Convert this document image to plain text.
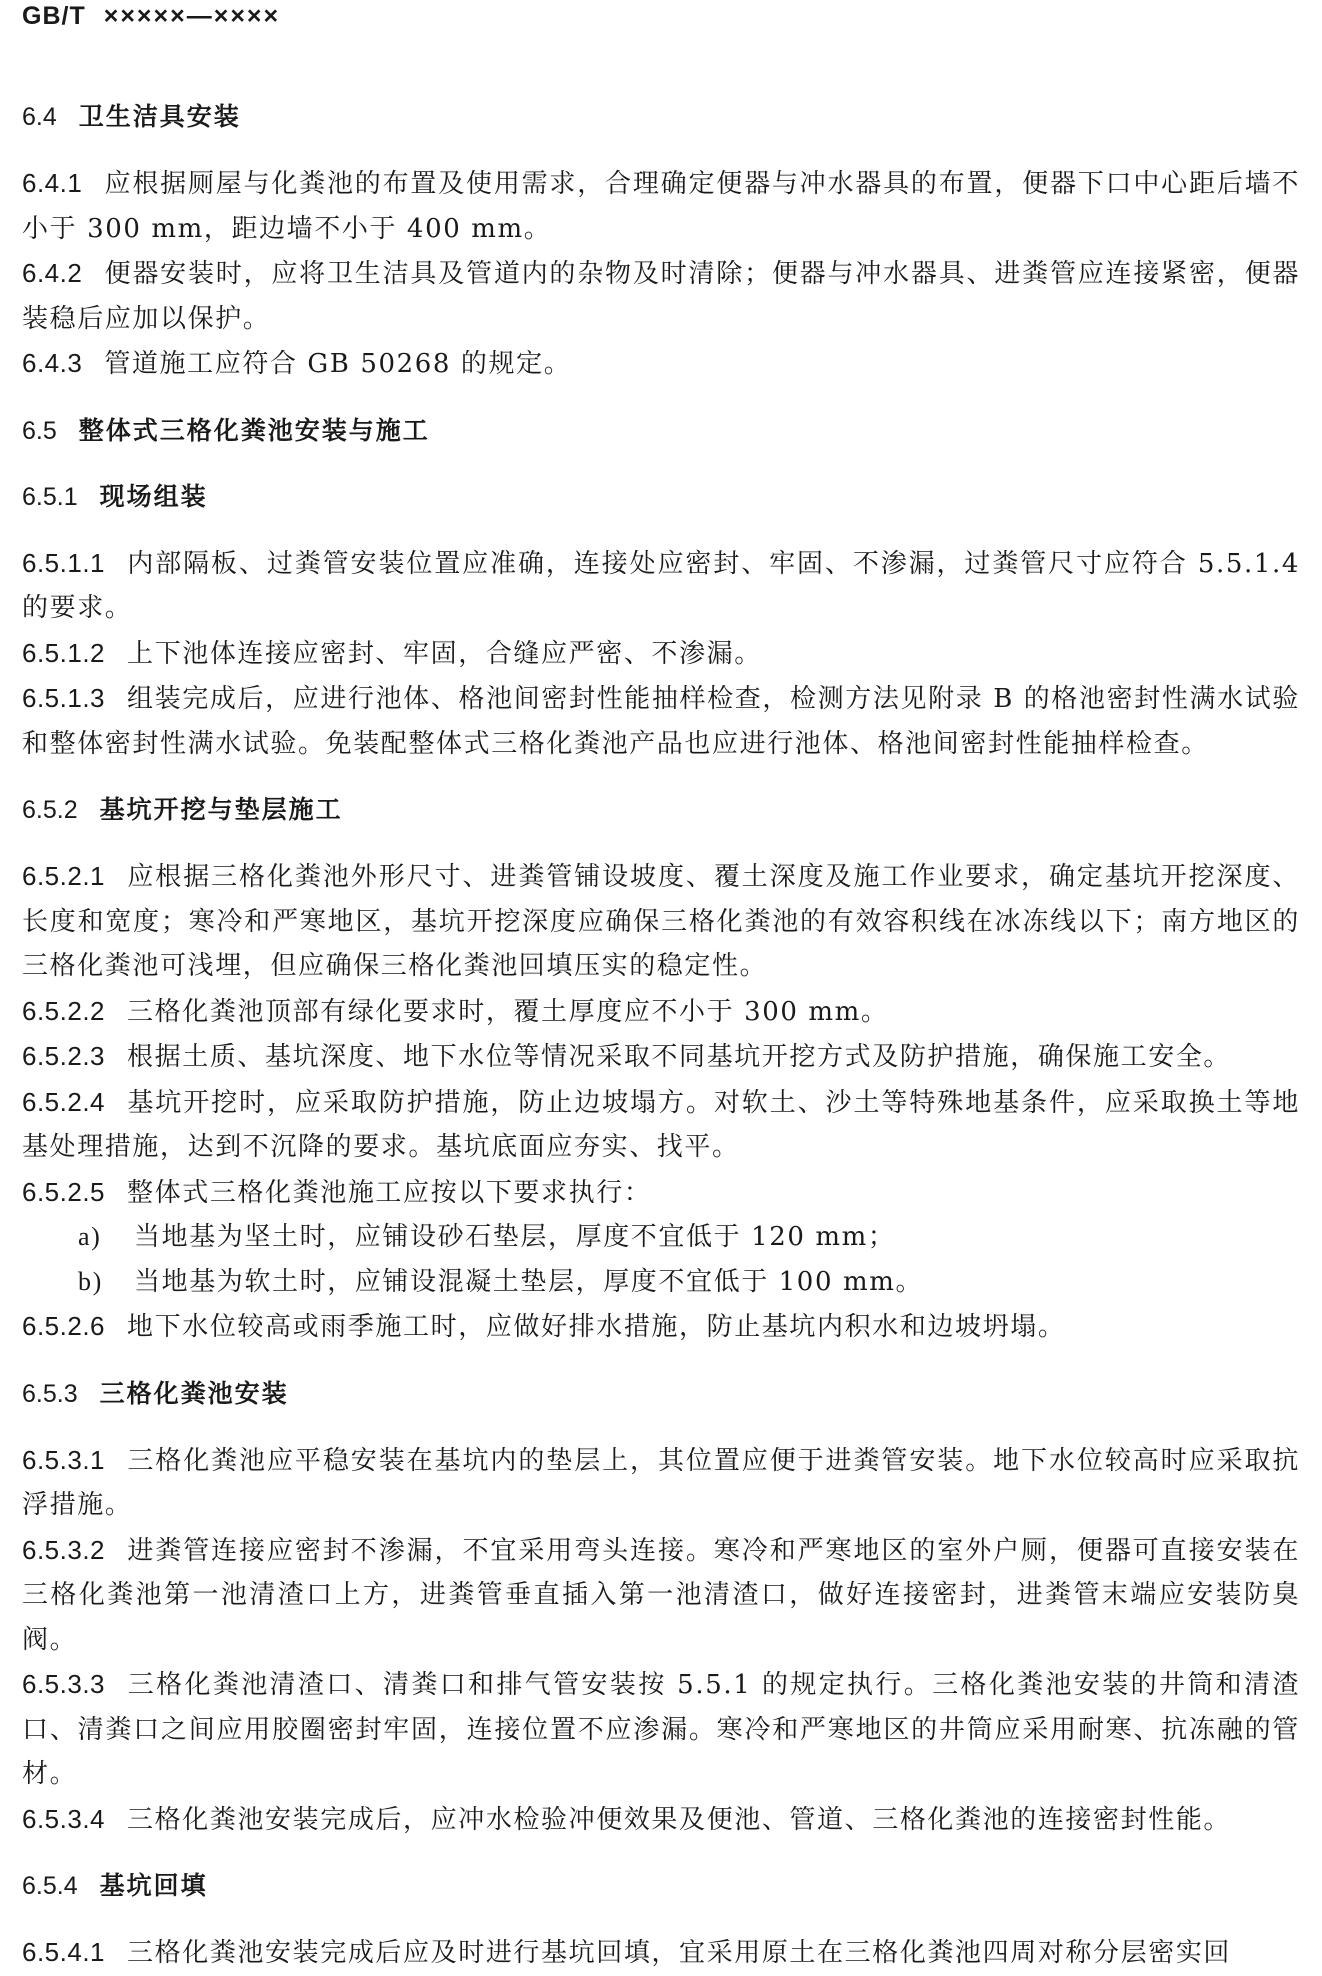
GB/T ×××××—××××
6.4 卫生洁具安装
6.4.1 应根据厕屋与化粪池的布置及使用需求，合理确定便器与冲水器具的布置，便器下口中心距后墙不小于 300 mm，距边墙不小于 400 mm。
6.4.2 便器安装时，应将卫生洁具及管道内的杂物及时清除；便器与冲水器具、进粪管应连接紧密，便器装稳后应加以保护。
6.4.3 管道施工应符合 GB 50268 的规定。
6.5 整体式三格化粪池安装与施工
6.5.1 现场组装
6.5.1.1 内部隔板、过粪管安装位置应准确，连接处应密封、牢固、不渗漏，过粪管尺寸应符合 5.5.1.4 的要求。
6.5.1.2 上下池体连接应密封、牢固，合缝应严密、不渗漏。
6.5.1.3 组装完成后，应进行池体、格池间密封性能抽样检查，检测方法见附录 B 的格池密封性满水试验和整体密封性满水试验。免装配整体式三格化粪池产品也应进行池体、格池间密封性能抽样检查。
6.5.2 基坑开挖与垫层施工
6.5.2.1 应根据三格化粪池外形尺寸、进粪管铺设坡度、覆土深度及施工作业要求，确定基坑开挖深度、长度和宽度；寒冷和严寒地区，基坑开挖深度应确保三格化粪池的有效容积线在冰冻线以下；南方地区的三格化粪池可浅埋，但应确保三格化粪池回填压实的稳定性。
6.5.2.2 三格化粪池顶部有绿化要求时，覆土厚度应不小于 300 mm。
6.5.2.3 根据土质、基坑深度、地下水位等情况采取不同基坑开挖方式及防护措施，确保施工安全。
6.5.2.4 基坑开挖时，应采取防护措施，防止边坡塌方。对软土、沙土等特殊地基条件，应采取换土等地基处理措施，达到不沉降的要求。基坑底面应夯实、找平。
6.5.2.5 整体式三格化粪池施工应按以下要求执行：
a) 当地基为坚土时，应铺设砂石垫层，厚度不宜低于 120 mm；
b) 当地基为软土时，应铺设混凝土垫层，厚度不宜低于 100 mm。
6.5.2.6 地下水位较高或雨季施工时，应做好排水措施，防止基坑内积水和边坡坍塌。
6.5.3 三格化粪池安装
6.5.3.1 三格化粪池应平稳安装在基坑内的垫层上，其位置应便于进粪管安装。地下水位较高时应采取抗浮措施。
6.5.3.2 进粪管连接应密封不渗漏，不宜采用弯头连接。寒冷和严寒地区的室外户厕，便器可直接安装在三格化粪池第一池清渣口上方，进粪管垂直插入第一池清渣口，做好连接密封，进粪管末端应安装防臭阀。
6.5.3.3 三格化粪池清渣口、清粪口和排气管安装按 5.5.1 的规定执行。三格化粪池安装的井筒和清渣口、清粪口之间应用胶圈密封牢固，连接位置不应渗漏。寒冷和严寒地区的井筒应采用耐寒、抗冻融的管材。
6.5.3.4 三格化粪池安装完成后，应冲水检验冲便效果及便池、管道、三格化粪池的连接密封性能。
6.5.4 基坑回填
6.5.4.1 三格化粪池安装完成后应及时进行基坑回填，宜采用原土在三格化粪池四周对称分层密实回
